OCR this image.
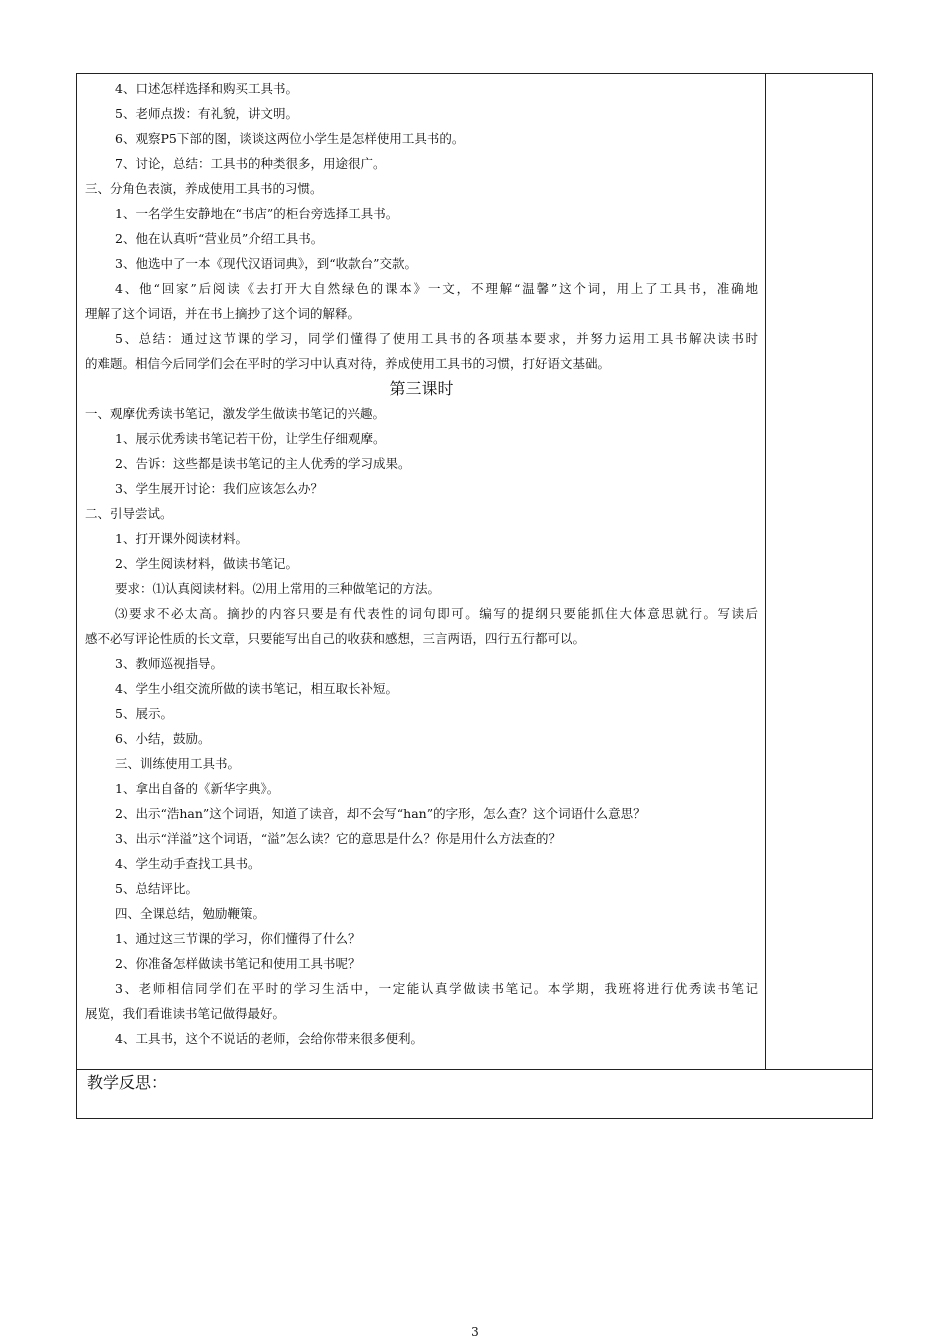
4、口述怎样选择和购买工具书。
5、老师点拨：有礼貌，讲文明。
6、观察P5下部的图，谈谈这两位小学生是怎样使用工具书的。
7、讨论，总结：工具书的种类很多，用途很广。
三、分角色表演，养成使用工具书的习惯。
1、一名学生安静地在“书店”的柜台旁选择工具书。
2、他在认真听“营业员”介绍工具书。
3、他选中了一本《现代汉语词典》，到“收款台”交款。
4、他“回家”后阅读《去打开大自然绿色的课本》一文，不理解“温馨”这个词，用上了工具书，准确地
理解了这个词语，并在书上摘抄了这个词的解释。
5、总结：通过这节课的学习，同学们懂得了使用工具书的各项基本要求，并努力运用工具书解决读书时
的难题。相信今后同学们会在平时的学习中认真对待，养成使用工具书的习惯，打好语文基础。
第三课时
一、观摩优秀读书笔记，激发学生做读书笔记的兴趣。
1、展示优秀读书笔记若干份，让学生仔细观摩。
2、告诉：这些都是读书笔记的主人优秀的学习成果。
3、学生展开讨论：我们应该怎么办？
二、引导尝试。
1、打开课外阅读材料。
2、学生阅读材料，做读书笔记。
要求：⑴认真阅读材料。⑵用上常用的三种做笔记的方法。
⑶要求不必太高。摘抄的内容只要是有代表性的词句即可。编写的提纲只要能抓住大体意思就行。写读后
感不必写评论性质的长文章，只要能写出自己的收获和感想，三言两语，四行五行都可以。
3、教师巡视指导。
4、学生小组交流所做的读书笔记，相互取长补短。
5、展示。
6、小结，鼓励。
三、训练使用工具书。
1、拿出自备的《新华字典》。
2、出示“浩han”这个词语，知道了读音，却不会写“han”的字形，怎么查？这个词语什么意思？
3、出示“洋溢”这个词语，“溢”怎么读？它的意思是什么？你是用什么方法查的？
4、学生动手查找工具书。
5、总结评比。
四、全课总结，勉励鞭策。
1、通过这三节课的学习，你们懂得了什么？
2、你准备怎样做读书笔记和使用工具书呢？
3、老师相信同学们在平时的学习生活中，一定能认真学做读书笔记。本学期，我班将进行优秀读书笔记
展览，我们看谁读书笔记做得最好。
4、工具书，这个不说话的老师，会给你带来很多便利。
教学反思：
3
